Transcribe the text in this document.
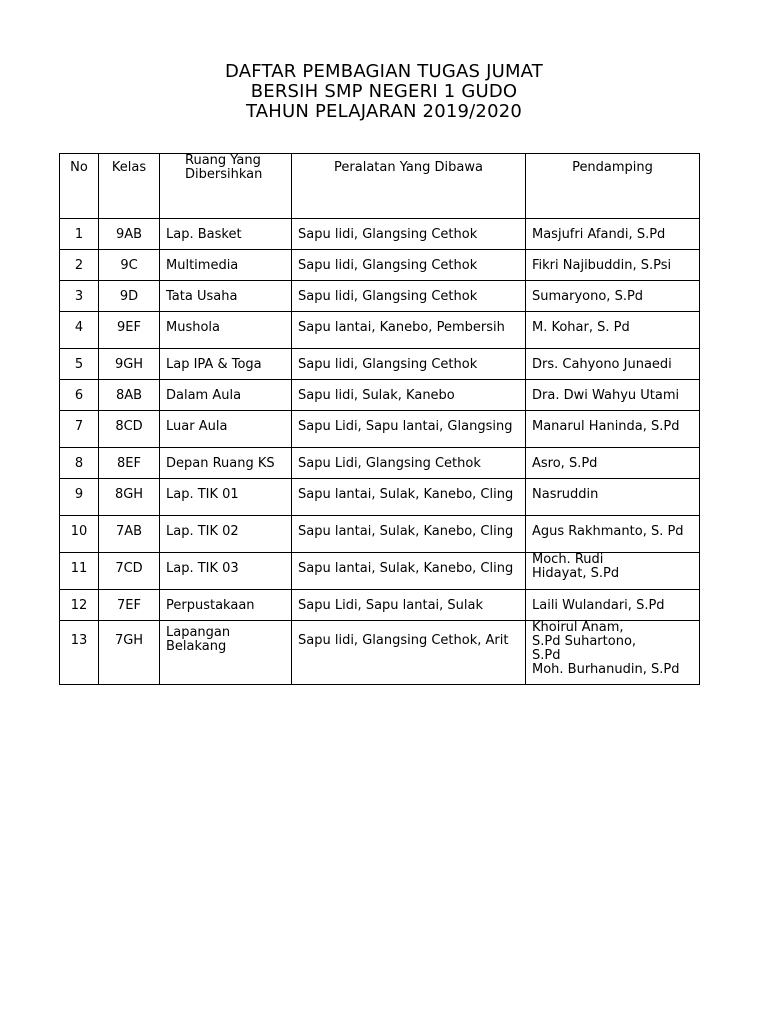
DAFTAR PEMBAGIAN TUGAS JUMAT
BERSIH SMP NEGERI 1 GUDO
TAHUN PELAJARAN 2019/2020
No	Kelas	Ruang Yang Dibersihkan	Peralatan Yang Dibawa	Pendamping
1	9AB	Lap. Basket	Sapu lidi, Glangsing Cethok	Masjufri Afandi, S.Pd
2	9C	Multimedia	Sapu lidi, Glangsing Cethok	Fikri Najibuddin, S.Psi
3	9D	Tata Usaha	Sapu lidi, Glangsing Cethok	Sumaryono, S.Pd
4	9EF	Mushola	Sapu lantai, Kanebo, Pembersih	M. Kohar, S. Pd
5	9GH	Lap IPA & Toga	Sapu lidi, Glangsing Cethok	Drs. Cahyono Junaedi
6	8AB	Dalam Aula	Sapu lidi, Sulak, Kanebo	Dra. Dwi Wahyu Utami
7	8CD	Luar Aula	Sapu Lidi, Sapu lantai, Glangsing	Manarul Haninda, S.Pd
8	8EF	Depan Ruang KS	Sapu Lidi, Glangsing Cethok	Asro, S.Pd
9	8GH	Lap. TIK 01	Sapu lantai, Sulak, Kanebo, Cling	Nasruddin
10	7AB	Lap. TIK 02	Sapu lantai, Sulak, Kanebo, Cling	Agus Rakhmanto, S. Pd
11	7CD	Lap. TIK 03	Sapu lantai, Sulak, Kanebo, Cling	Moch. Rudi Hidayat, S.Pd
12	7EF	Perpustakaan	Sapu Lidi, Sapu lantai, Sulak	Laili Wulandari, S.Pd
13	7GH	Lapangan Belakang	Sapu lidi, Glangsing Cethok, Arit	Khoirul Anam,
S.Pd Suhartono,
S.Pd
Moh. Burhanudin, S.Pd
